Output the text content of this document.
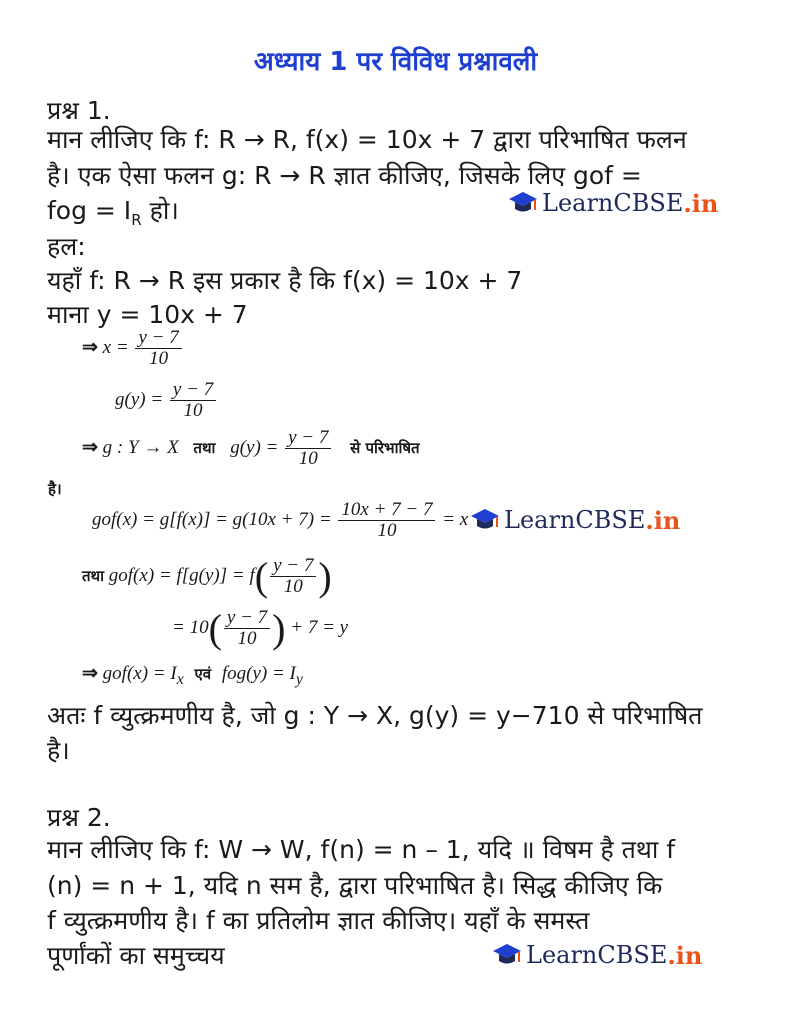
अध्याय 1 पर विविध प्रश्नावली
प्रश्न 1.
मान लीजिए कि f: R → R, f(x) = 10x + 7 द्वारा परिभाषित फलन
है। एक ऐसा फलन g: R → R ज्ञात कीजिए, जिसके लिए gof =
fog = $I_R$ हो।	LearnCBSE .in
हल:
यहाँ f: R → R इस प्रकार है कि f(x) = 10x + 7
माना y = 10x + 7
⇒ $x = \frac{y - 7}{10}$
$g(y) = \frac{y - 7}{10}$
⇒ g : Y → X तथा $g(y) = \frac{y - 7}{10}$ से परिभाषित
है।
$gof(x) = g[f(x)] = g(10x + 7) = \frac{10x + 7 - 7}{10} = x$ LearnCBSE .in
तथा $gof(x) = f[g(y)] = f( \frac{y - 7}{10}$ )
= $10( \frac{y - 7}{10}$ ) + 7 = y
⇒ $gof(x) = I_x$ एवं $fog(y) = I_y$
अतः f व्युत्क्रमणीय है, जो g : Y → X, g(y) = y−710 से परिभाषित
है।
प्रश्न 2.
मान लीजिए कि f: W → W, f(n) = n – 1, यदि ॥ विषम है तथा f
(n) = n + 1, यदि n सम है, द्वारा परिभाषित है। सिद्ध कीजिए कि
f व्युत्क्रमणीय है। f का प्रतिलोम ज्ञात कीजिए। यहाँ के समस्त
पूर्णांकों का समुच्चय	LearnCBSE .in
